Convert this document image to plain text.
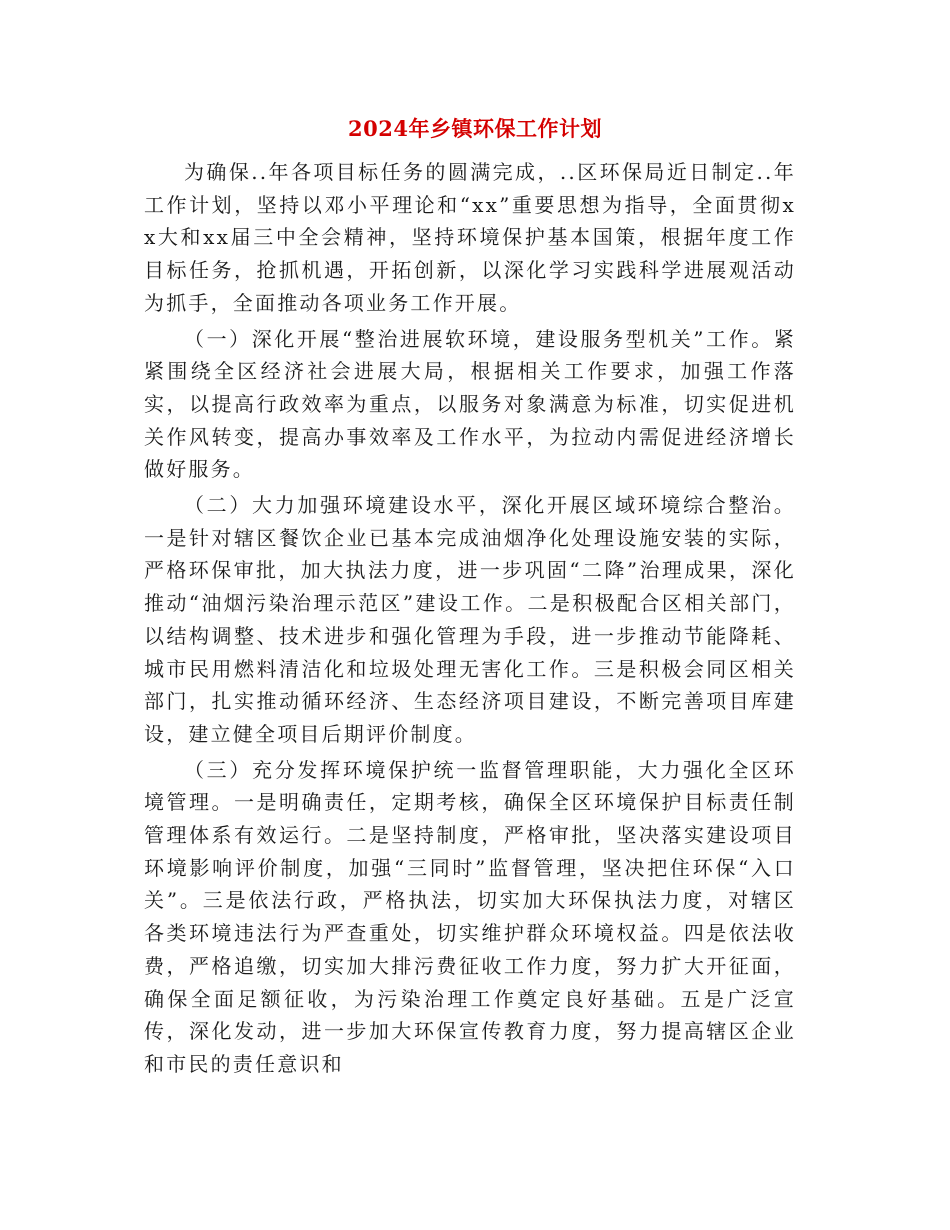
2024年乡镇环保工作计划

为确保..年各项目标任务的圆满完成，..区环保局近日制定..年工作计划，坚持以邓小平理论和“xx”重要思想为指导，全面贯彻xx大和xx届三中全会精神，坚持环境保护基本国策，根据年度工作目标任务，抢抓机遇，开拓创新，以深化学习实践科学进展观活动为抓手，全面推动各项业务工作开展。

（一）深化开展“整治进展软环境，建设服务型机关”工作。紧紧围绕全区经济社会进展大局，根据相关工作要求，加强工作落实，以提高行政效率为重点，以服务对象满意为标准，切实促进机关作风转变，提高办事效率及工作水平，为拉动内需促进经济增长做好服务。

（二）大力加强环境建设水平，深化开展区域环境综合整治。一是针对辖区餐饮企业已基本完成油烟净化处理设施安装的实际，严格环保审批，加大执法力度，进一步巩固“二降”治理成果，深化推动“油烟污染治理示范区”建设工作。二是积极配合区相关部门，以结构调整、技术进步和强化管理为手段，进一步推动节能降耗、城市民用燃料清洁化和垃圾处理无害化工作。三是积极会同区相关部门，扎实推动循环经济、生态经济项目建设，不断完善项目库建设，建立健全项目后期评价制度。

（三）充分发挥环境保护统一监督管理职能，大力强化全区环境管理。一是明确责任，定期考核，确保全区环境保护目标责任制管理体系有效运行。二是坚持制度，严格审批，坚决落实建设项目环境影响评价制度，加强“三同时”监督管理，坚决把住环保“入口关”。三是依法行政，严格执法，切实加大环保执法力度，对辖区各类环境违法行为严查重处，切实维护群众环境权益。四是依法收费，严格追缴，切实加大排污费征收工作力度，努力扩大开征面，确保全面足额征收，为污染治理工作奠定良好基础。五是广泛宣传，深化发动，进一步加大环保宣传教育力度，努力提高辖区企业和市民的责任意识和
